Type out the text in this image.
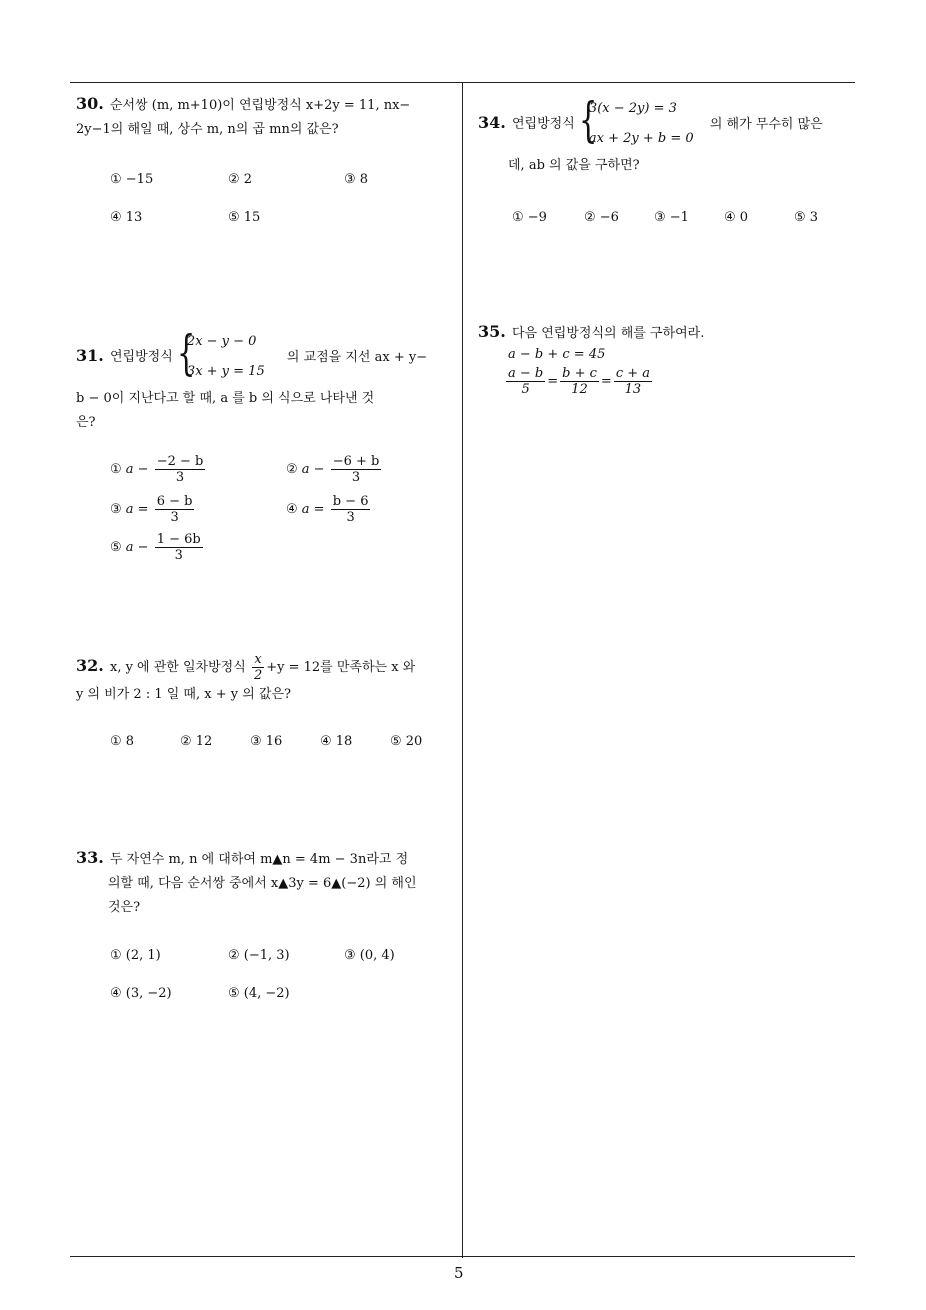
5
30. 순서쌍 (m, m+10)이 연립방정식 x+2y = 11, nx−
2y−1의 해일 때, 상수 m, n의 곱 mn의 값은?
① −15	② 2	③ 8
④ 13	⑤ 15
31. 연립방정식 {
2x − y − 0
3x + y = 15
의 교점을 지선 ax + y−
b − 0이 지난다고 할 때, a 를 b 의 식으로 나타낸 것
은?
① $a - \frac{-2 - b}{3}$	② $a - \frac{-6 + b}{3}$
③ $a = \frac{6 - b}{3}$	④ $a = \frac{b - 6}{3}$
⑤ $a - \frac{1 - 6b}{3}$
32. x, y 에 관한 일차방정식 $\frac{x}{2} +y = 12$를 만족하는 x 와
y 의 비가 2 : 1 일 때, x + y 의 값은?
① 8	② 12	③ 16	④ 18	⑤ 20
33. 두 자연수 m, n 에 대하여 m▲n = 4m − 3n라고 정
의할 때, 다음 순서쌍 중에서 x▲3y = 6▲(−2) 의 해인
것은?
① (2, 1)	② (−1, 3)	③ (0, 4)
④ (3, −2)	⑤ (4, −2)
34. 연립방정식 {
3(x − 2y) = 3
ax + 2y + b = 0
의 해가 무수히 많은
데, ab 의 값을 구하면?
① −9	② −6	③ −1	④ 0	⑤ 3
35. 다음 연립방정식의 해를 구하여라.
a − b + c = 45
$\frac{a - b}{5} = \frac{b + c}{12} = \frac{c + a}{13}$
